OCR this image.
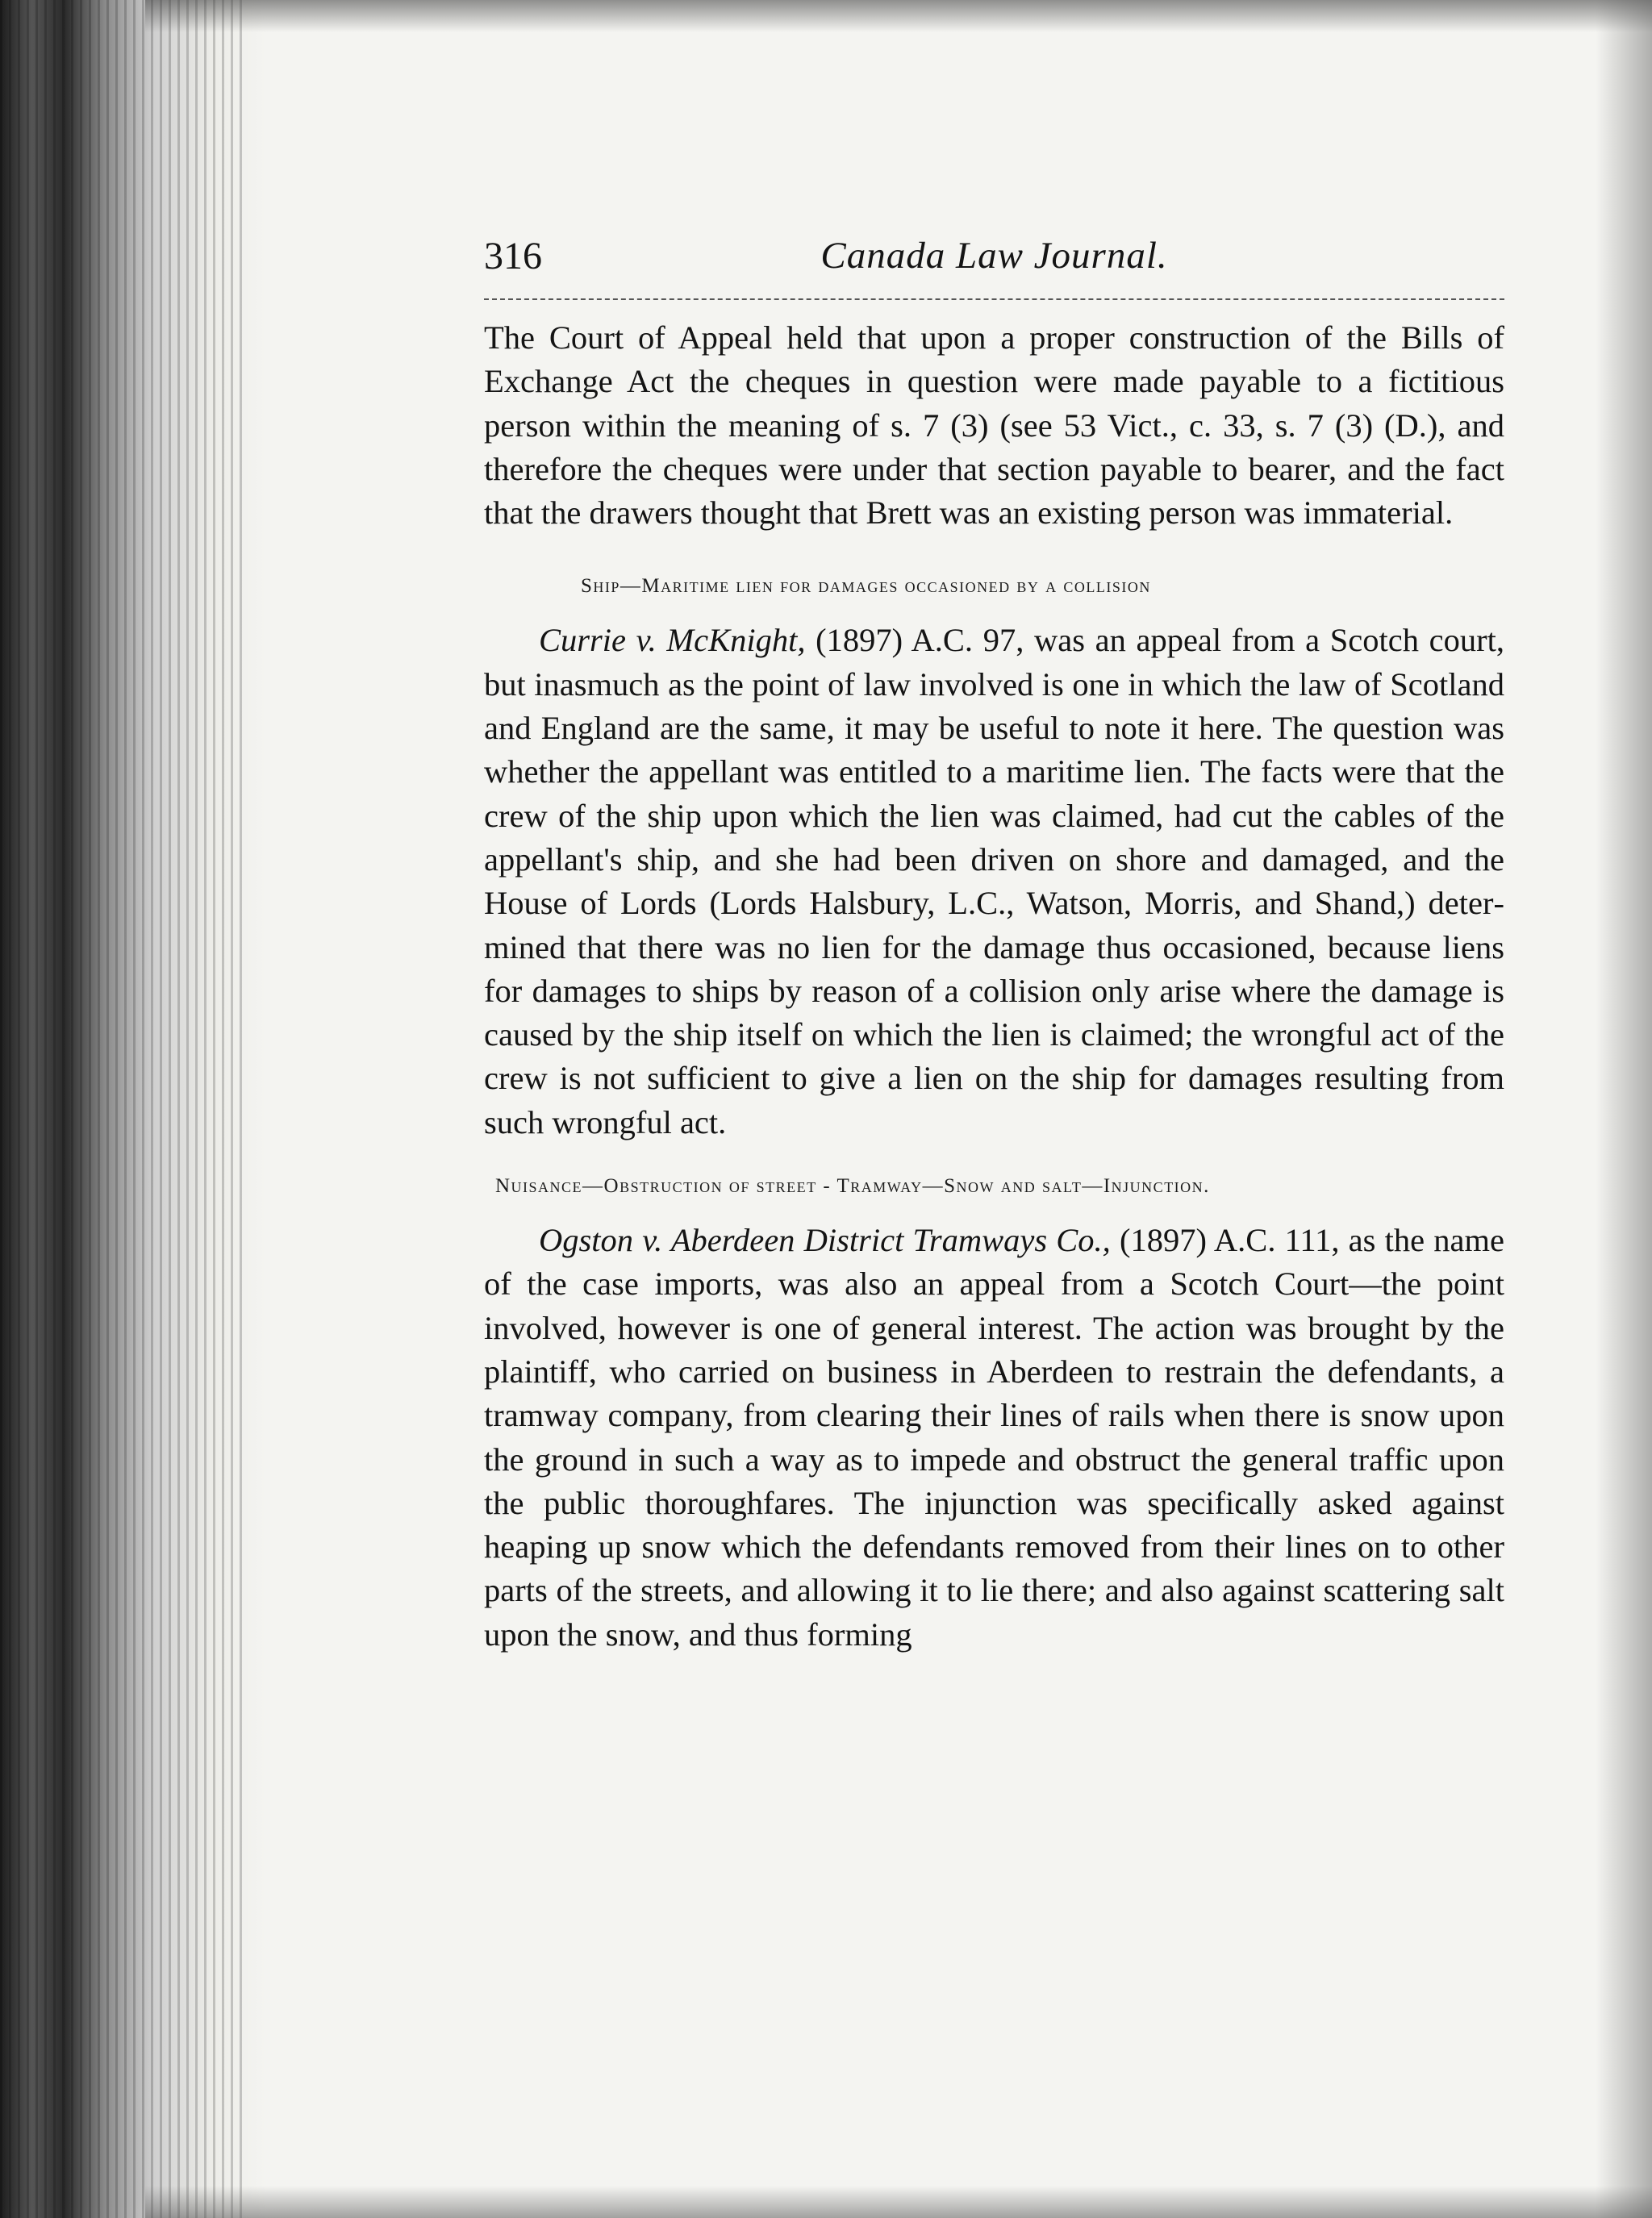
316	Canada Law Journal.

The Court of Appeal held that upon a proper construction of the Bills of Exchange Act the cheques in question were made payable to a fictitious person within the meaning of s. 7 (3) (see 53 Vict., c. 33, s. 7 (3) (D.), and therefore the cheques were under that section payable to bearer, and the fact that the drawers thought that Brett was an existing person was immaterial.

Ship—Maritime lien for damages occasioned by a collision

Currie v. McKnight, (1897) A.C. 97, was an appeal from a Scotch court, but inasmuch as the point of law involved is one in which the law of Scotland and England are the same, it may be useful to note it here. The question was whether the appellant was entitled to a maritime lien. The facts were that the crew of the ship upon which the lien was claimed, had cut the cables of the appellant's ship, and she had been driven on shore and damaged, and the House of Lords (Lords Halsbury, L.C., Watson, Morris, and Shand,) determined that there was no lien for the damage thus occasioned, because liens for damages to ships by reason of a collision only arise where the damage is caused by the ship itself on which the lien is claimed; the wrongful act of the crew is not sufficient to give a lien on the ship for damages resulting from such wrongful act.

Nuisance—Obstruction of street - Tramway—Snow and salt—Injunction.

Ogston v. Aberdeen District Tramways Co., (1897) A.C. 111, as the name of the case imports, was also an appeal from a Scotch Court—the point involved, however is one of general interest. The action was brought by the plaintiff, who carried on business in Aberdeen to restrain the defendants, a tramway company, from clearing their lines of rails when there is snow upon the ground in such a way as to impede and obstruct the general traffic upon the public thoroughfares. The injunction was specifically asked against heaping up snow which the defendants removed from their lines on to other parts of the streets, and allowing it to lie there; and also against scattering salt upon the snow, and thus forming
